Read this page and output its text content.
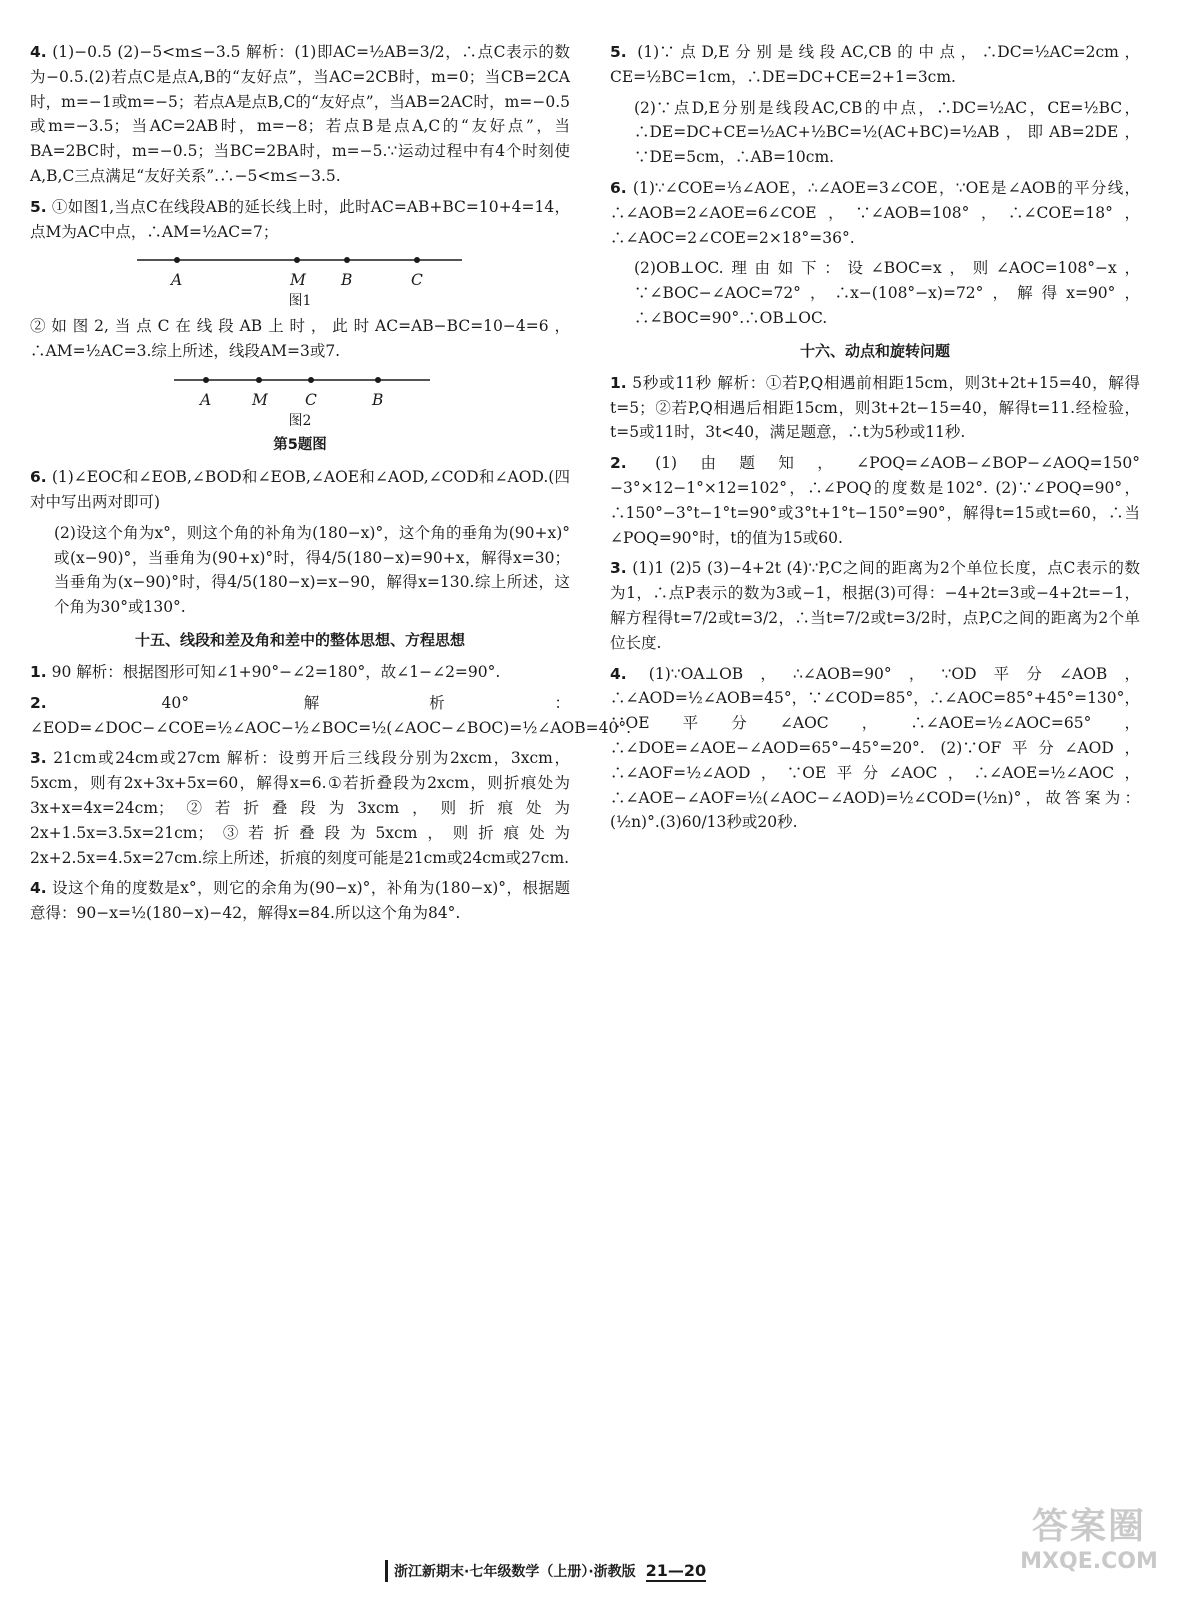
4. (1)−0.5 (2)−5<m≤−3.5 解析：(1)即AC=½AB=3/2，∴点C表示的数为−0.5.(2)若点C是点A,B的“友好点”，当AC=2CB时，m=0；当CB=2CA时，m=−1或m=−5；若点A是点B,C的“友好点”，当AB=2AC时，m=−0.5或m=−3.5；当AC=2AB时，m=−8；若点B是点A,C的“友好点”，当BA=2BC时，m=−0.5；当BC=2BA时，m=−5.∵运动过程中有4个时刻使A,B,C三点满足“友好关系”.∴−5<m≤−3.5.

5. ①如图1,当点C在线段AB的延长线上时，此时AC=AB+BC=10+4=14，点M为AC中点，∴AM=½AC=7；

A	M B	C

图1

②如图2,当点C在线段AB上时，此时AC=AB−BC=10−4=6，∴AM=½AC=3.综上所述，线段AM=3或7.

A	M C	B

图2

第5题图

6. (1)∠EOC和∠EOB,∠BOD和∠EOB,∠AOE和∠AOD,∠COD和∠AOD.(四对中写出两对即可)

(2)设这个角为x°，则这个角的补角为(180−x)°，这个角的垂角为(90+x)°或(x−90)°，当垂角为(90+x)°时，得4/5(180−x)=90+x，解得x=30；当垂角为(x−90)°时，得4/5(180−x)=x−90，解得x=130.综上所述，这个角为30°或130°.

十五、线段和差及角和差中的整体思想、方程思想

1. 90 解析：根据图形可知∠1+90°−∠2=180°，故∠1−∠2=90°.

2.	40° 解析：∠EOD=∠DOC−∠COE=½∠AOC−½∠BOC=½(∠AOC−∠BOC)=½∠AOB=40°.

3. 21cm或24cm或27cm 解析：设剪开后三线段分别为2xcm，3xcm，5xcm，则有2x+3x+5x=60，解得x=6.①若折叠段为2xcm，则折痕处为3x+x=4x=24cm；②若折叠段为3xcm，则折痕处为2x+1.5x=3.5x=21cm；③若折叠段为5xcm，则折痕处为2x+2.5x=4.5x=27cm.综上所述，折痕的刻度可能是21cm或24cm或27cm.

4. 设这个角的度数是x°，则它的余角为(90−x)°，补角为(180−x)°，根据题意得：90−x=½(180−x)−42，解得x=84.所以这个角为84°.

5. (1)∵点D,E分别是线段AC,CB的中点，∴DC=½AC=2cm，CE=½BC=1cm，∴DE=DC+CE=2+1=3cm.

(2)∵点D,E分别是线段AC,CB的中点，∴DC=½AC，CE=½BC，∴DE=DC+CE=½AC+½BC=½(AC+BC)=½AB，即AB=2DE，∵DE=5cm，∴AB=10cm.

6. (1)∵∠COE=⅓∠AOE，∴∠AOE=3∠COE，∵OE是∠AOB的平分线，∴∠AOB=2∠AOE=6∠COE，∵∠AOB=108°，∴∠COE=18°，∴∠AOC=2∠COE=2×18°=36°.

(2)OB⊥OC.理由如下：设∠BOC=x，则∠AOC=108°−x，∵∠BOC−∠AOC=72°，∴x−(108°−x)=72°，解得x=90°，∴∠BOC=90°.∴OB⊥OC.

十六、动点和旋转问题

1. 5秒或11秒 解析：①若P,Q相遇前相距15cm，则3t+2t+15=40，解得t=5；②若P,Q相遇后相距15cm，则3t+2t−15=40，解得t=11.经检验，t=5或11时，3t<40，满足题意，∴t为5秒或11秒.

2. (1)由题知，∠POQ=∠AOB−∠BOP−∠AOQ=150°−3°×12−1°×12=102°，∴∠POQ的度数是102°. (2)∵∠POQ=90°，∴150°−3°t−1°t=90°或3°t+1°t−150°=90°，解得t=15或t=60，∴当∠POQ=90°时，t的值为15或60.

3. (1)1 (2)5 (3)−4+2t (4)∵P,C之间的距离为2个单位长度，点C表示的数为1，∴点P表示的数为3或−1，根据(3)可得：−4+2t=3或−4+2t=−1，解方程得t=7/2或t=3/2，∴当t=7/2或t=3/2时，点P,C之间的距离为2个单位长度.

4. (1)∵OA⊥OB，∴∠AOB=90°，∵OD平分∠AOB，∴∠AOD=½∠AOB=45°，∵∠COD=85°，∴∠AOC=85°+45°=130°，∵OE平分∠AOC，∴∠AOE=½∠AOC=65°，∴∠DOE=∠AOE−∠AOD=65°−45°=20°. (2)∵OF平分∠AOD，∴∠AOF=½∠AOD，∵OE平分∠AOC，∴∠AOE=½∠AOC，∴∠AOE−∠AOF=½(∠AOC−∠AOD)=½∠COD=(½n)°，故答案为：(½n)°.(3)60/13秒或20秒.

浙江新期末·七年级数学（上册）·浙教版 21—20
答案圈
MXQE.COM
